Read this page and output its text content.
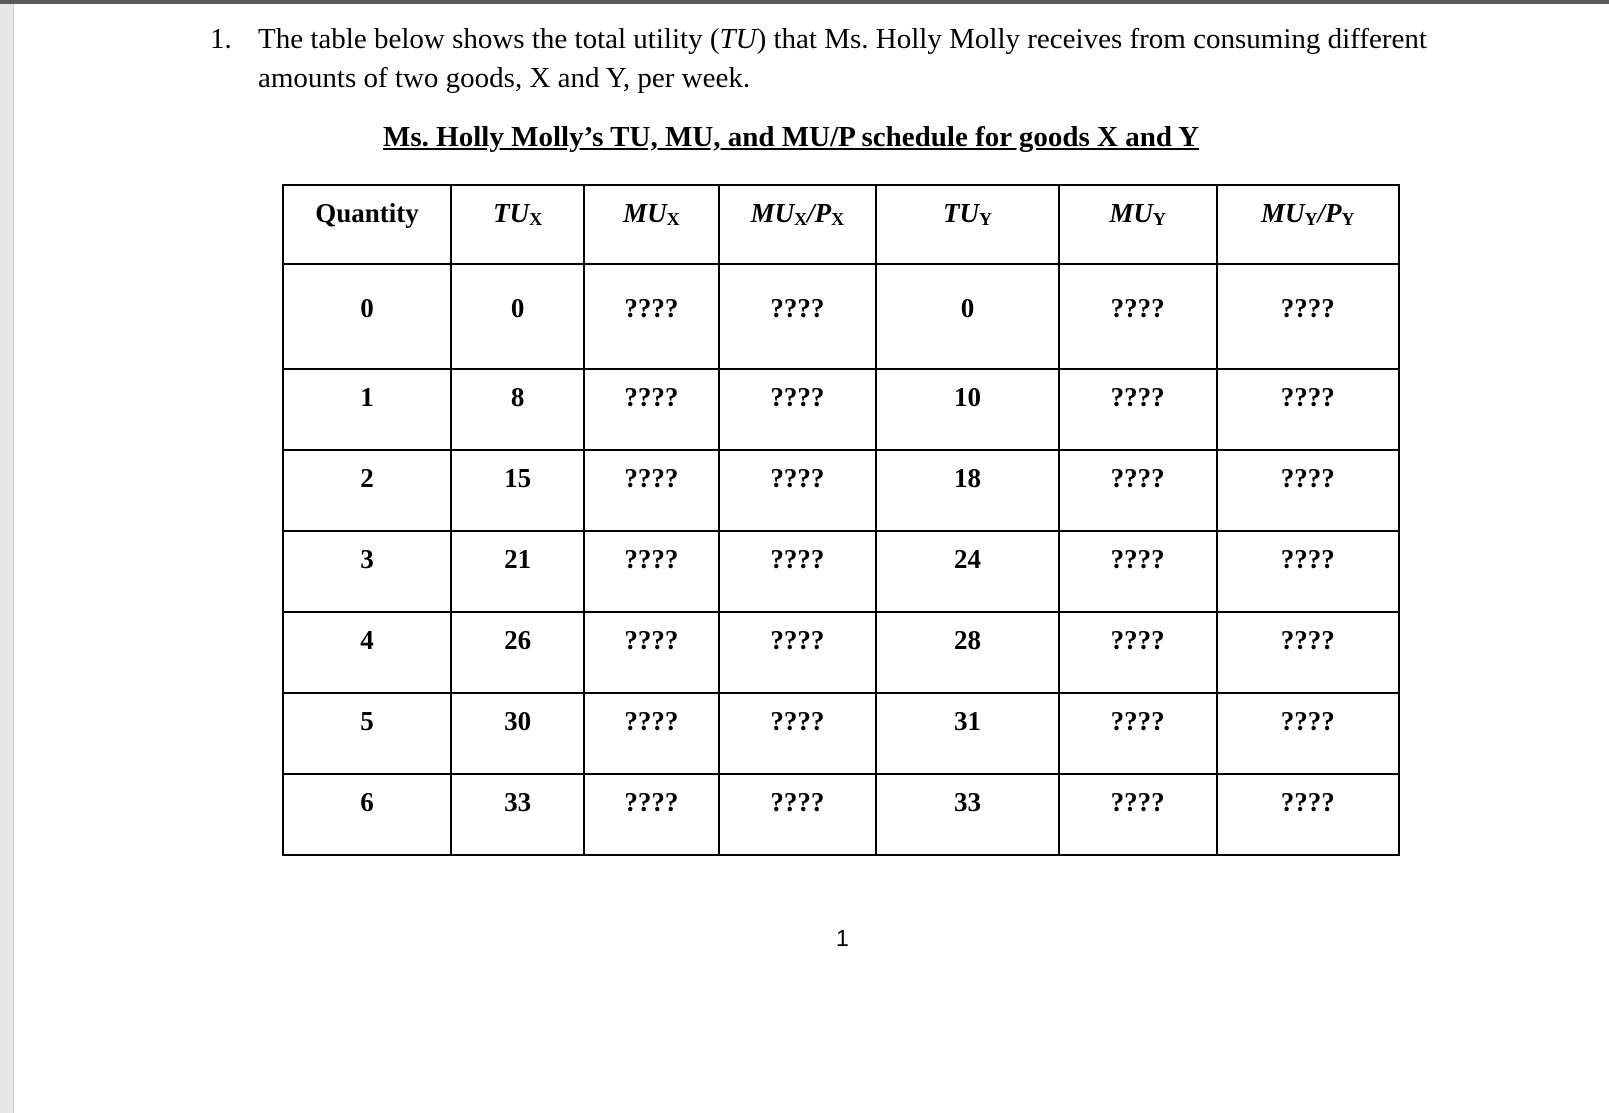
1. The table below shows the total utility (TU) that Ms. Holly Molly receives from consuming different amounts of two goods, X and Y, per week.
Ms. Holly Molly’s TU, MU, and MU/P schedule for goods X and Y
Quantity	$TU_X$	$MU_X$	$MU_X/P_X$	$TU_Y$	$MU_Y$	$MU_Y/P_Y$
0	0	????	????	0	????	????
1	8	????	????	10	????	????
2	15	????	????	18	????	????
3	21	????	????	24	????	????
4	26	????	????	28	????	????
5	30	????	????	31	????	????
6	33	????	????	33	????	????
1
